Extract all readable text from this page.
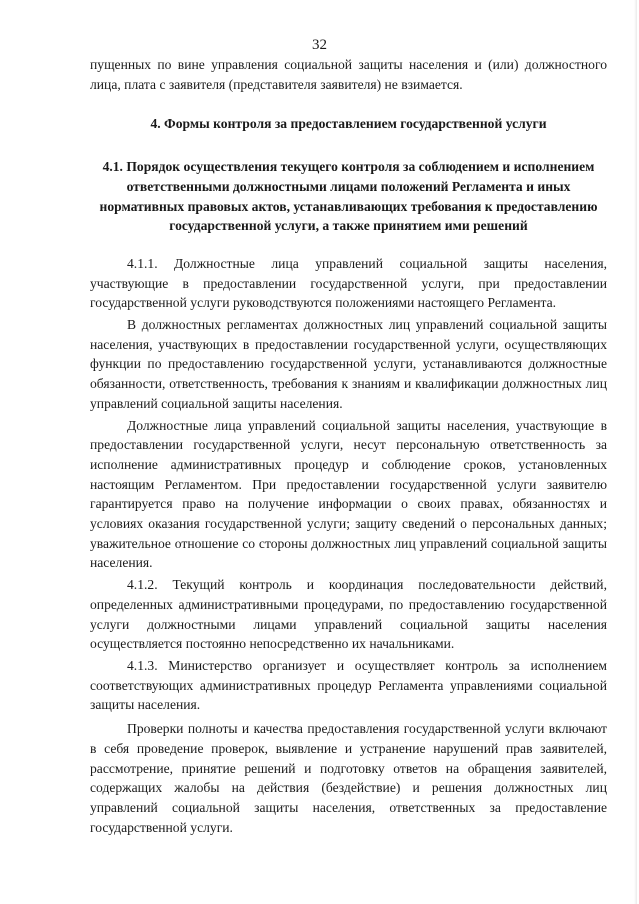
32

пущенных по вине управления социальной защиты населения и (или) должностного лица, плата с заявителя (представителя заявителя) не взимается.

4. Формы контроля за предоставлением государственной услуги

4.1. Порядок осуществления текущего контроля за соблюдением и исполнением ответственными должностными лицами положений Регламента и иных нормативных правовых актов, устанавливающих требования к предоставлению государственной услуги, а также принятием ими решений

4.1.1. Должностные лица управлений социальной защиты населения, участвующие в предоставлении государственной услуги, при предоставлении государственной услуги руководствуются положениями настоящего Регламента.

В должностных регламентах должностных лиц управлений социальной защиты населения, участвующих в предоставлении государственной услуги, осуществляющих функции по предоставлению государственной услуги, устанавливаются должностные обязанности, ответственность, требования к знаниям и квалификации должностных лиц управлений социальной защиты населения.

Должностные лица управлений социальной защиты населения, участвующие в предоставлении государственной услуги, несут персональную ответственность за исполнение административных процедур и соблюдение сроков, установленных настоящим Регламентом. При предоставлении государственной услуги заявителю гарантируется право на получение информации о своих правах, обязанностях и условиях оказания государственной услуги; защиту сведений о персональных данных; уважительное отношение со стороны должностных лиц управлений социальной защиты населения.

4.1.2. Текущий контроль и координация последовательности действий, определенных административными процедурами, по предоставлению государственной услуги должностными лицами управлений социальной защиты населения осуществляется постоянно непосредственно их начальниками.

4.1.3. Министерство организует и осуществляет контроль за исполнением соответствующих административных процедур Регламента управлениями социальной защиты населения.

Проверки полноты и качества предоставления государственной услуги включают в себя проведение проверок, выявление и устранение нарушений прав заявителей, рассмотрение, принятие решений и подготовку ответов на обращения заявителей, содержащих жалобы на действия (бездействие) и решения должностных лиц управлений социальной защиты населения, ответственных за предоставление государственной услуги.
